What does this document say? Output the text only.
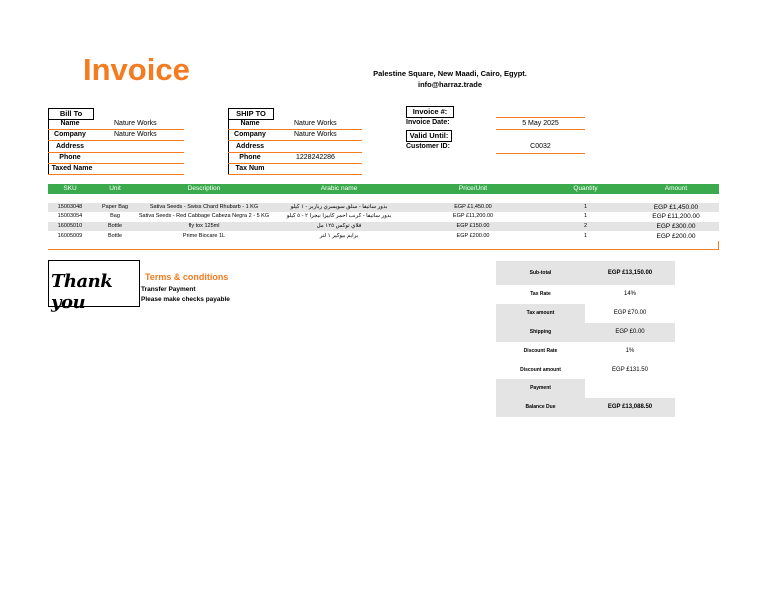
Invoice	Palestine Square, New Maadi, Cairo, Egypt.
info@harraz.trade
Bill To
Name	Nature Works
Company	Nature Works
Address
Phone
Taxed Name
SHIP TO
Name	Nature Works
Company	Nature Works
Address
Phone	1228242286
Tax Num
Invoice #:
Invoice Date:	5 May 2025
Valid Until:
Customer ID:	C0032
SKU	Unit	Description	Arabic name	Price/Unit	Quantity	Amount
15003048	Paper Bag	Sativa Seeds - Swiss Chard Rhubarb - 1 KG	بذور ساتيفا - سلق سويسري رباربر - ١ كيلو	EGP £1,450.00	1	EGP £1,450.00
15003054	Bag	Sativa Seeds - Red Cabbage Cabeza Negra 2 - 5 KG	بذور ساتيفا - كرنب احمر كابيزا نيجرا ٢ - ٥ كيلو	EGP £11,200.00	1	EGP £11,200.00
16005010	Bottle	fly tox 125ml	فلاي توكس ١٢٥ مل	EGP £150.00	2	EGP £300.00
16005009	Bottle	Prime Biocare 1L	برايم بيوكير ١ لتر	EGP £200.00	1	EGP £200.00
Thank you
Terms & conditions
Transfer Payment
Please make checks payable
Sub-total	EGP £13,150.00
Tax Rate	14%
Tax amount	EGP £70.00
Shipping	EGP £0.00
Discount Rate	1%
Discount amount	EGP £131.50
Payment
Balance Due	EGP £13,088.50
